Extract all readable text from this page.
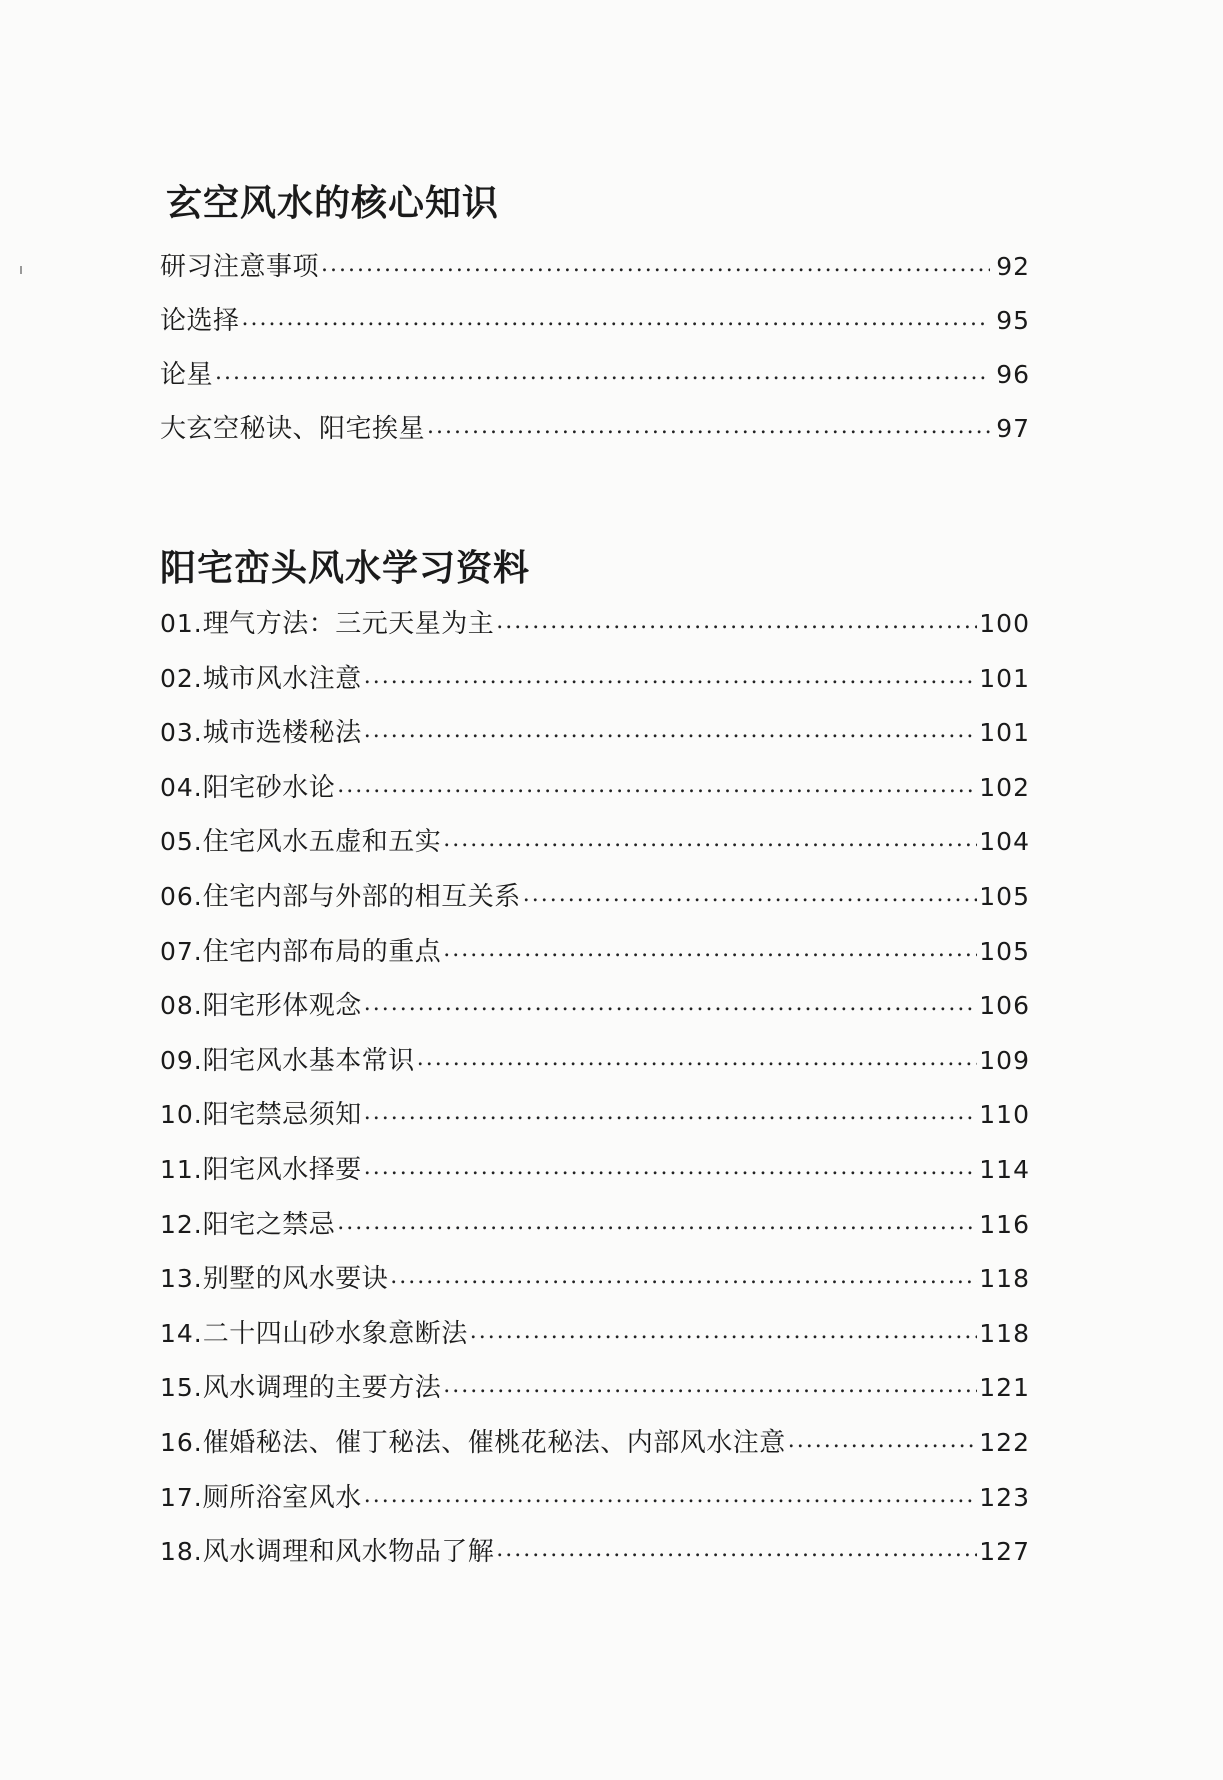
玄空风水的核心知识
研习注意事项 .....	92
论选择 .....	95
论星 .....	96
大玄空秘诀、阳宅挨星 .....	97
阳宅峦头风水学习资料
01. 理气方法：三元天星为主 .....	100
02. 城市风水注意 .....	101
03. 城市选楼秘法 .....	101
04. 阳宅砂水论 .....	102
05. 住宅风水五虚和五实 .....	104
06. 住宅内部与外部的相互关系 .....	105
07. 住宅内部布局的重点 .....	105
08. 阳宅形体观念 .....	106
09. 阳宅风水基本常识 .....	109
10. 阳宅禁忌须知 .....	110
11. 阳宅风水择要 .....	114
12. 阳宅之禁忌 .....	116
13. 别墅的风水要诀 .....	118
14. 二十四山砂水象意断法 .....	118
15. 风水调理的主要方法 .....	121
16. 催婚秘法、催丁秘法、催桃花秘法、内部风水注意 .....	122
17. 厕所浴室风水 .....	123
18. 风水调理和风水物品了解 .....	127
